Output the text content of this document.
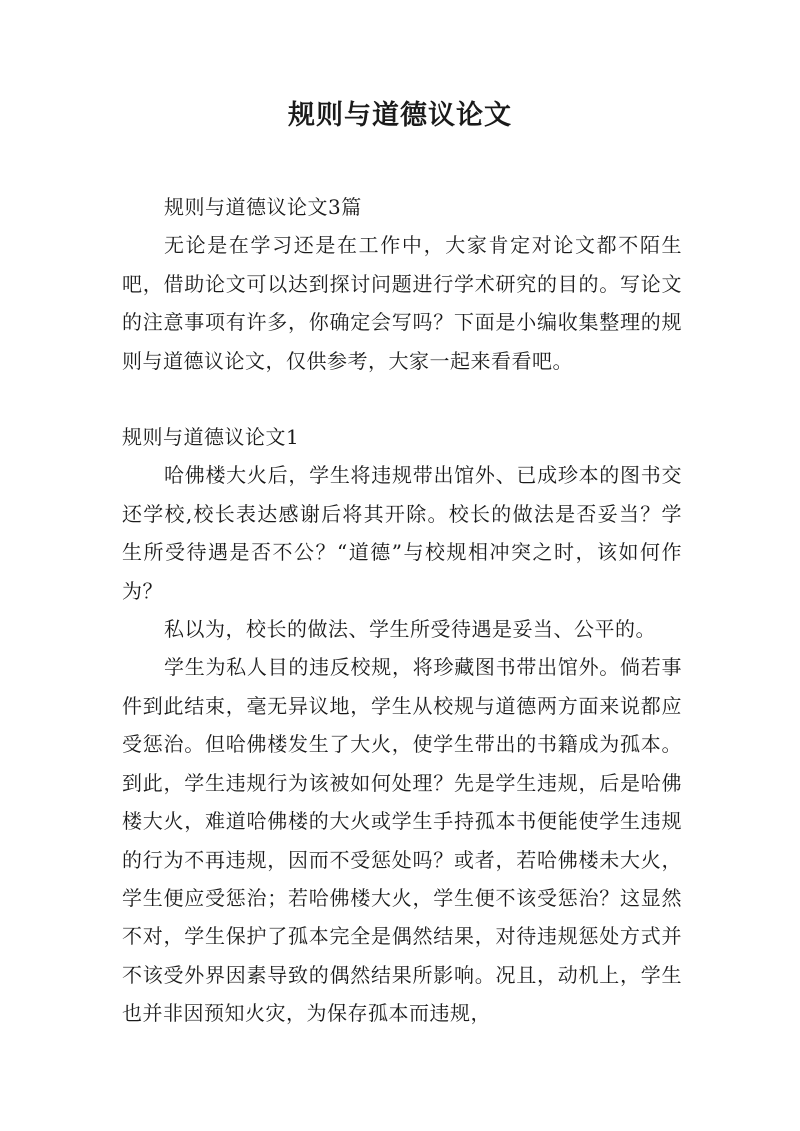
规则与道德议论文

规则与道德议论文3篇

无论是在学习还是在工作中，大家肯定对论文都不陌生吧，借助论文可以达到探讨问题进行学术研究的目的。写论文的注意事项有许多，你确定会写吗？下面是小编收集整理的规则与道德议论文，仅供参考，大家一起来看看吧。

规则与道德议论文1

哈佛楼大火后，学生将违规带出馆外、已成珍本的图书交还学校,校长表达感谢后将其开除。校长的做法是否妥当？学生所受待遇是否不公？“道德”与校规相冲突之时，该如何作为？

私以为，校长的做法、学生所受待遇是妥当、公平的。

学生为私人目的违反校规，将珍藏图书带出馆外。倘若事件到此结束，毫无异议地，学生从校规与道德两方面来说都应受惩治。但哈佛楼发生了大火，使学生带出的书籍成为孤本。到此，学生违规行为该被如何处理？先是学生违规，后是哈佛楼大火，难道哈佛楼的大火或学生手持孤本书便能使学生违规的行为不再违规，因而不受惩处吗？或者，若哈佛楼未大火，学生便应受惩治；若哈佛楼大火，学生便不该受惩治？这显然不对，学生保护了孤本完全是偶然结果，对待违规惩处方式并不该受外界因素导致的偶然结果所影响。况且，动机上，学生也并非因预知火灾，为保存孤本而违规，
